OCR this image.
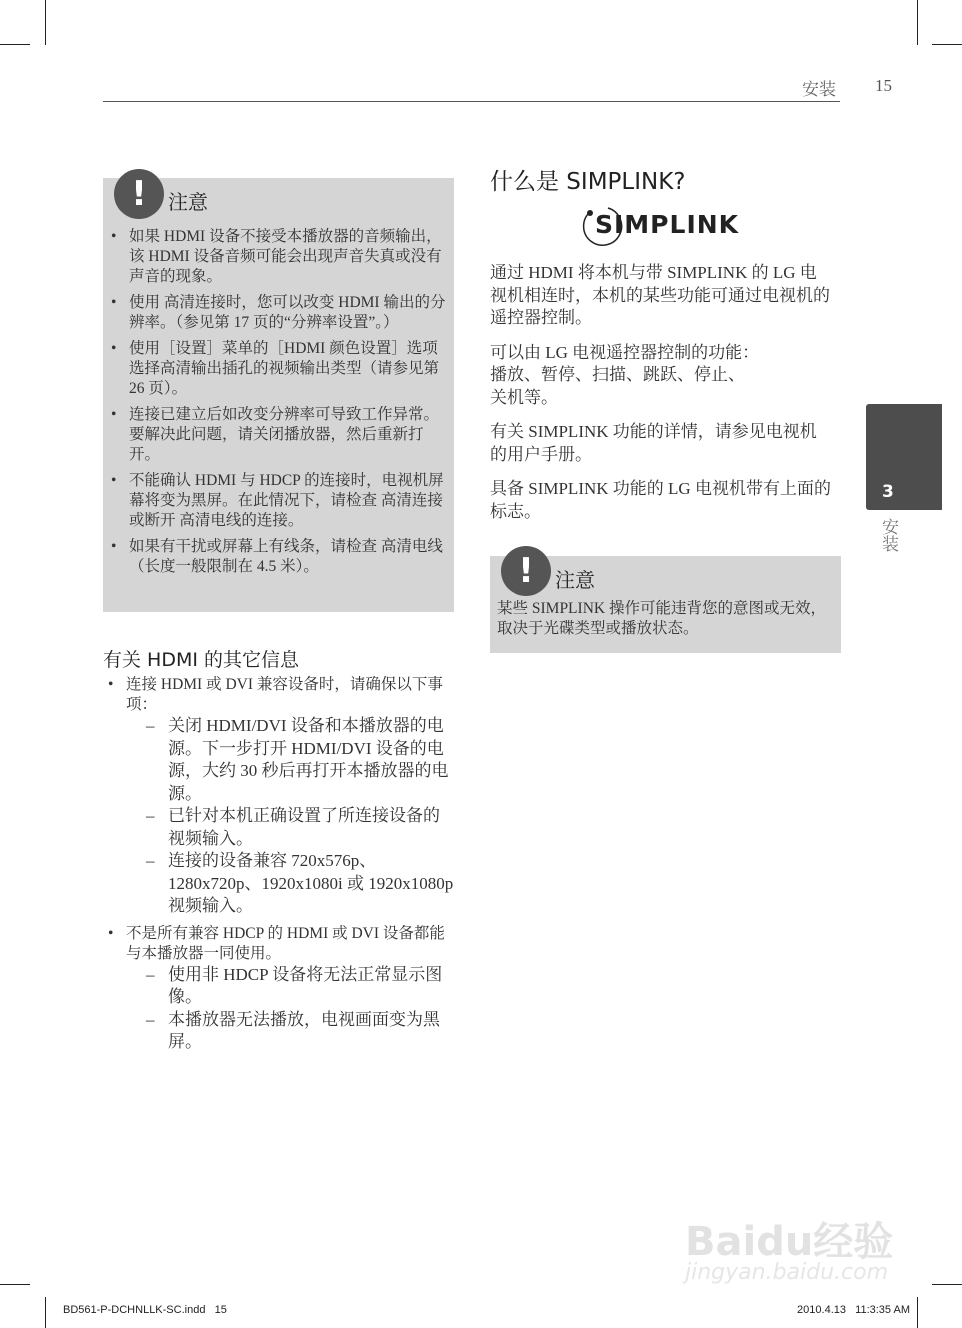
安装 15
3
安装
!	注意
• 如果 HDMI 设备不接受本播放器的音频输出，该 HDMI 设备音频可能会出现声音失真或没有声音的现象。
• 使用 高清连接时，您可以改变 HDMI 输出的分辨率。（参见第 17 页的“分辨率设置”。）
• 使用［设置］菜单的［HDMI 颜色设置］选项选择高清输出插孔的视频输出类型（请参见第 26 页）。
• 连接已建立后如改变分辨率可导致工作异常。要解决此问题，请关闭播放器，然后重新打开。
• 不能确认 HDMI 与 HDCP 的连接时，电视机屏幕将变为黑屏。在此情况下，请检查 高清连接或断开 高清电线的连接。
• 如果有干扰或屏幕上有线条，请检查 高清电线（长度一般限制在 4.5 米）。
有关 HDMI 的其它信息
• 连接 HDMI 或 DVI 兼容设备时，请确保以下事项：
– 关闭 HDMI/DVI 设备和本播放器的电源。下一步打开 HDMI/DVI 设备的电源，大约 30 秒后再打开本播放器的电源。
– 已针对本机正确设置了所连接设备的视频输入。
– 连接的设备兼容 720x576p、1280x720p、1920x1080i 或 1920x1080p 视频输入。
• 不是所有兼容 HDCP 的 HDMI 或 DVI 设备都能与本播放器一同使用。
– 使用非 HDCP 设备将无法正常显示图像。
– 本播放器无法播放，电视画面变为黑屏。
什么是 SIMPLINK?
SIMPLINK

通过 HDMI 将本机与带 SIMPLINK 的 LG 电视机相连时，本机的某些功能可通过电视机的遥控器控制。

可以由 LG 电视遥控器控制的功能：
播放、暂停、扫描、跳跃、停止、
关机等。

有关 SIMPLINK 功能的详情，请参见电视机的用户手册。

具备 SIMPLINK 功能的 LG 电视机带有上面的标志。

!	注意
某些 SIMPLINK 操作可能违背您的意图或无效，取决于光碟类型或播放状态。
Baidu经验
jingyan.baidu.com
BD561-P-DCHNLLK-SC.indd   15	2010.4.13   11:3:35 AM
